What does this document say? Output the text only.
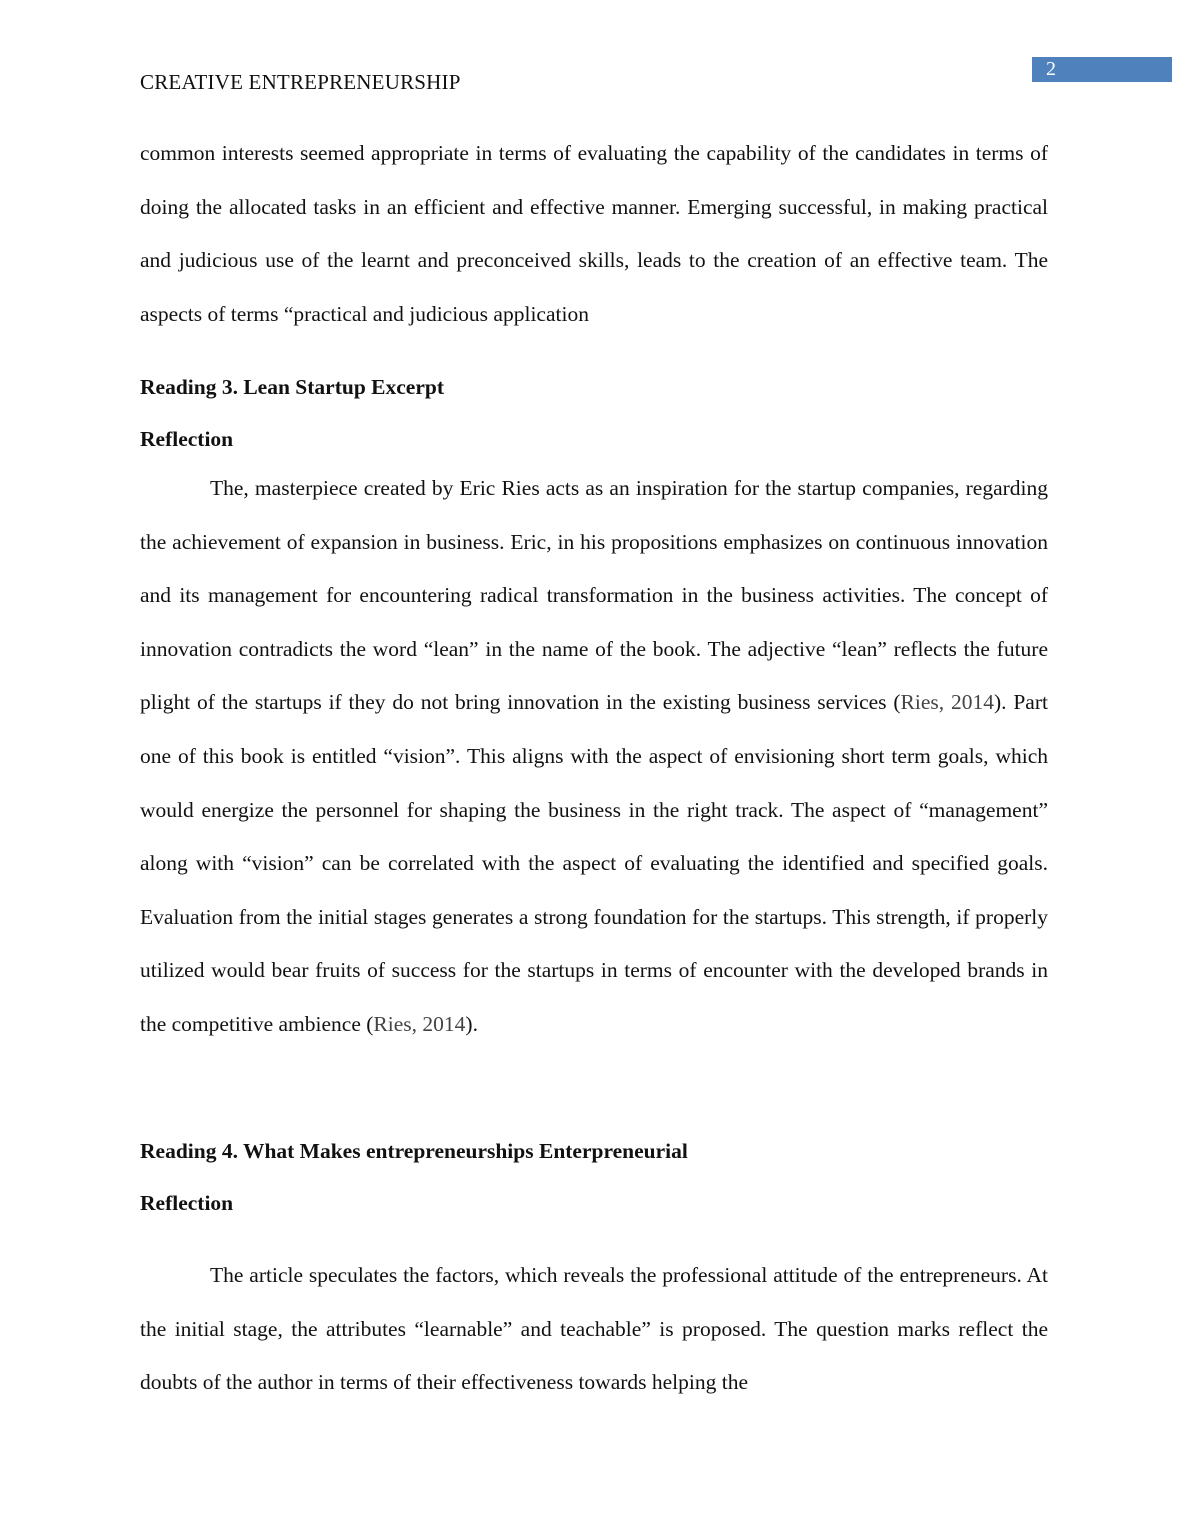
2
CREATIVE ENTREPRENEURSHIP

common interests seemed appropriate in terms of evaluating the capability of the candidates in terms of doing the allocated tasks in an efficient and effective manner. Emerging successful, in making practical and judicious use of the learnt and preconceived skills, leads to the creation of an effective team. The aspects of terms “practical and judicious application

Reading 3. Lean Startup Excerpt
Reflection

The, masterpiece created by Eric Ries acts as an inspiration for the startup companies, regarding the achievement of expansion in business. Eric, in his propositions emphasizes on continuous innovation and its management for encountering radical transformation in the business activities. The concept of innovation contradicts the word “lean” in the name of the book. The adjective “lean” reflects the future plight of the startups if they do not bring innovation in the existing business services (Ries, 2014). Part one of this book is entitled “vision”. This aligns with the aspect of envisioning short term goals, which would energize the personnel for shaping the business in the right track. The aspect of “management” along with “vision” can be correlated with the aspect of evaluating the identified and specified goals. Evaluation from the initial stages generates a strong foundation for the startups. This strength, if properly utilized would bear fruits of success for the startups in terms of encounter with the developed brands in the competitive ambience (Ries, 2014).

Reading 4. What Makes entrepreneurships Enterpreneurial
Reflection

The article speculates the factors, which reveals the professional attitude of the entrepreneurs. At the initial stage, the attributes “learnable” and teachable” is proposed. The question marks reflect the doubts of the author in terms of their effectiveness towards helping the
